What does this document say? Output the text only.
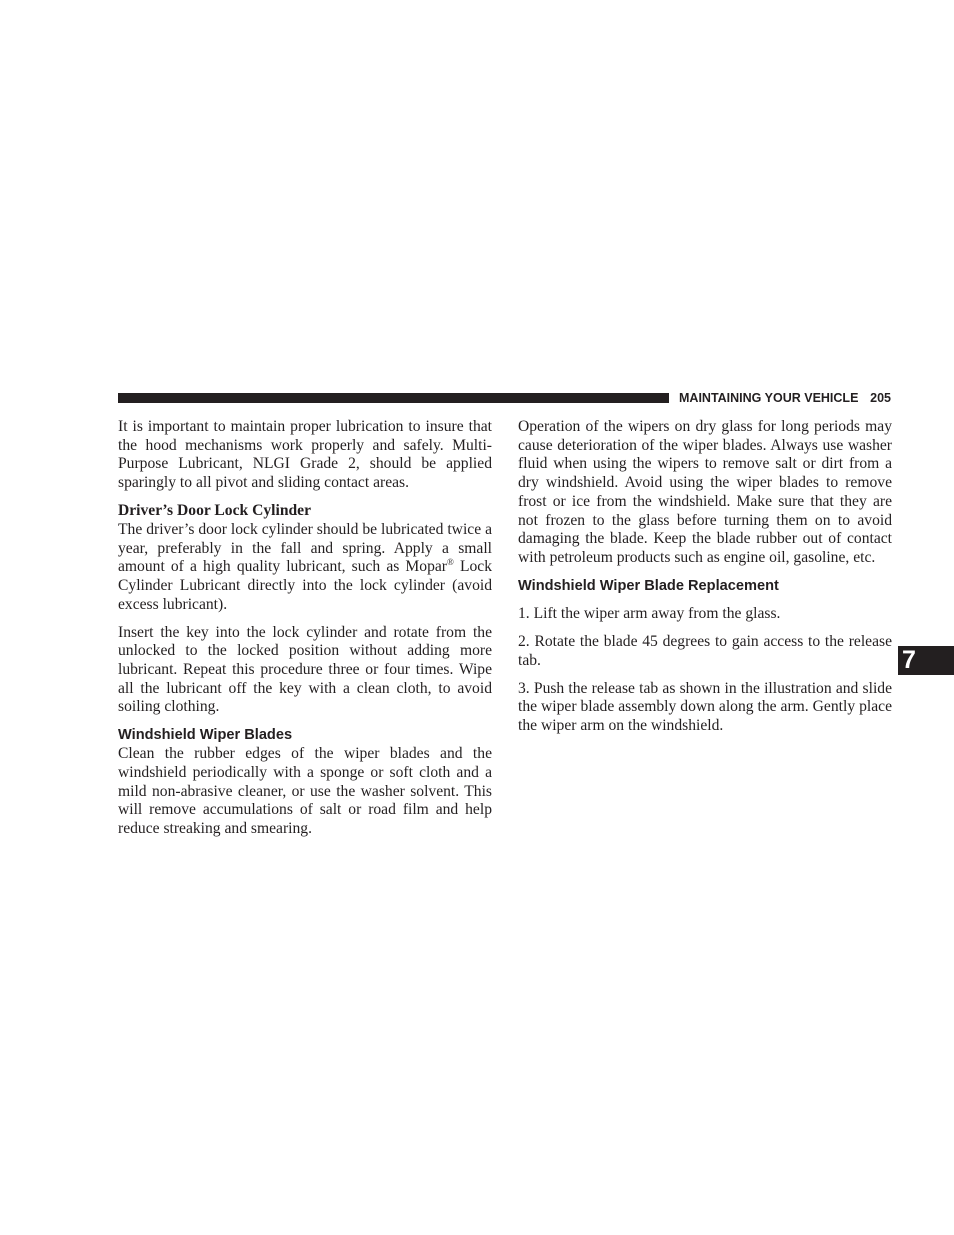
MAINTAINING YOUR VEHICLE 205
7

It is important to maintain proper lubrication to insure that the hood mechanisms work properly and safely. Multi-Purpose Lubricant, NLGI Grade 2, should be applied sparingly to all pivot and sliding contact areas.

Driver’s Door Lock Cylinder

The driver’s door lock cylinder should be lubricated twice a year, preferably in the fall and spring. Apply a small amount of a high quality lubricant, such as Mopar® Lock Cylinder Lubricant directly into the lock cylinder (avoid excess lubricant).

Insert the key into the lock cylinder and rotate from the unlocked to the locked position without adding more lubricant. Repeat this procedure three or four times. Wipe all the lubricant off the key with a clean cloth, to avoid soiling clothing.

Windshield Wiper Blades

Clean the rubber edges of the wiper blades and the windshield periodically with a sponge or soft cloth and a mild non-abrasive cleaner, or use the washer solvent. This will remove accumulations of salt or road film and help reduce streaking and smearing.

Operation of the wipers on dry glass for long periods may cause deterioration of the wiper blades. Always use washer fluid when using the wipers to remove salt or dirt from a dry windshield. Avoid using the wiper blades to remove frost or ice from the windshield. Make sure that they are not frozen to the glass before turning them on to avoid damaging the blade. Keep the blade rubber out of contact with petroleum products such as engine oil, gasoline, etc.

Windshield Wiper Blade Replacement

1. Lift the wiper arm away from the glass.

2. Rotate the blade 45 degrees to gain access to the release tab.

3. Push the release tab as shown in the illustration and slide the wiper blade assembly down along the arm. Gently place the wiper arm on the windshield.
